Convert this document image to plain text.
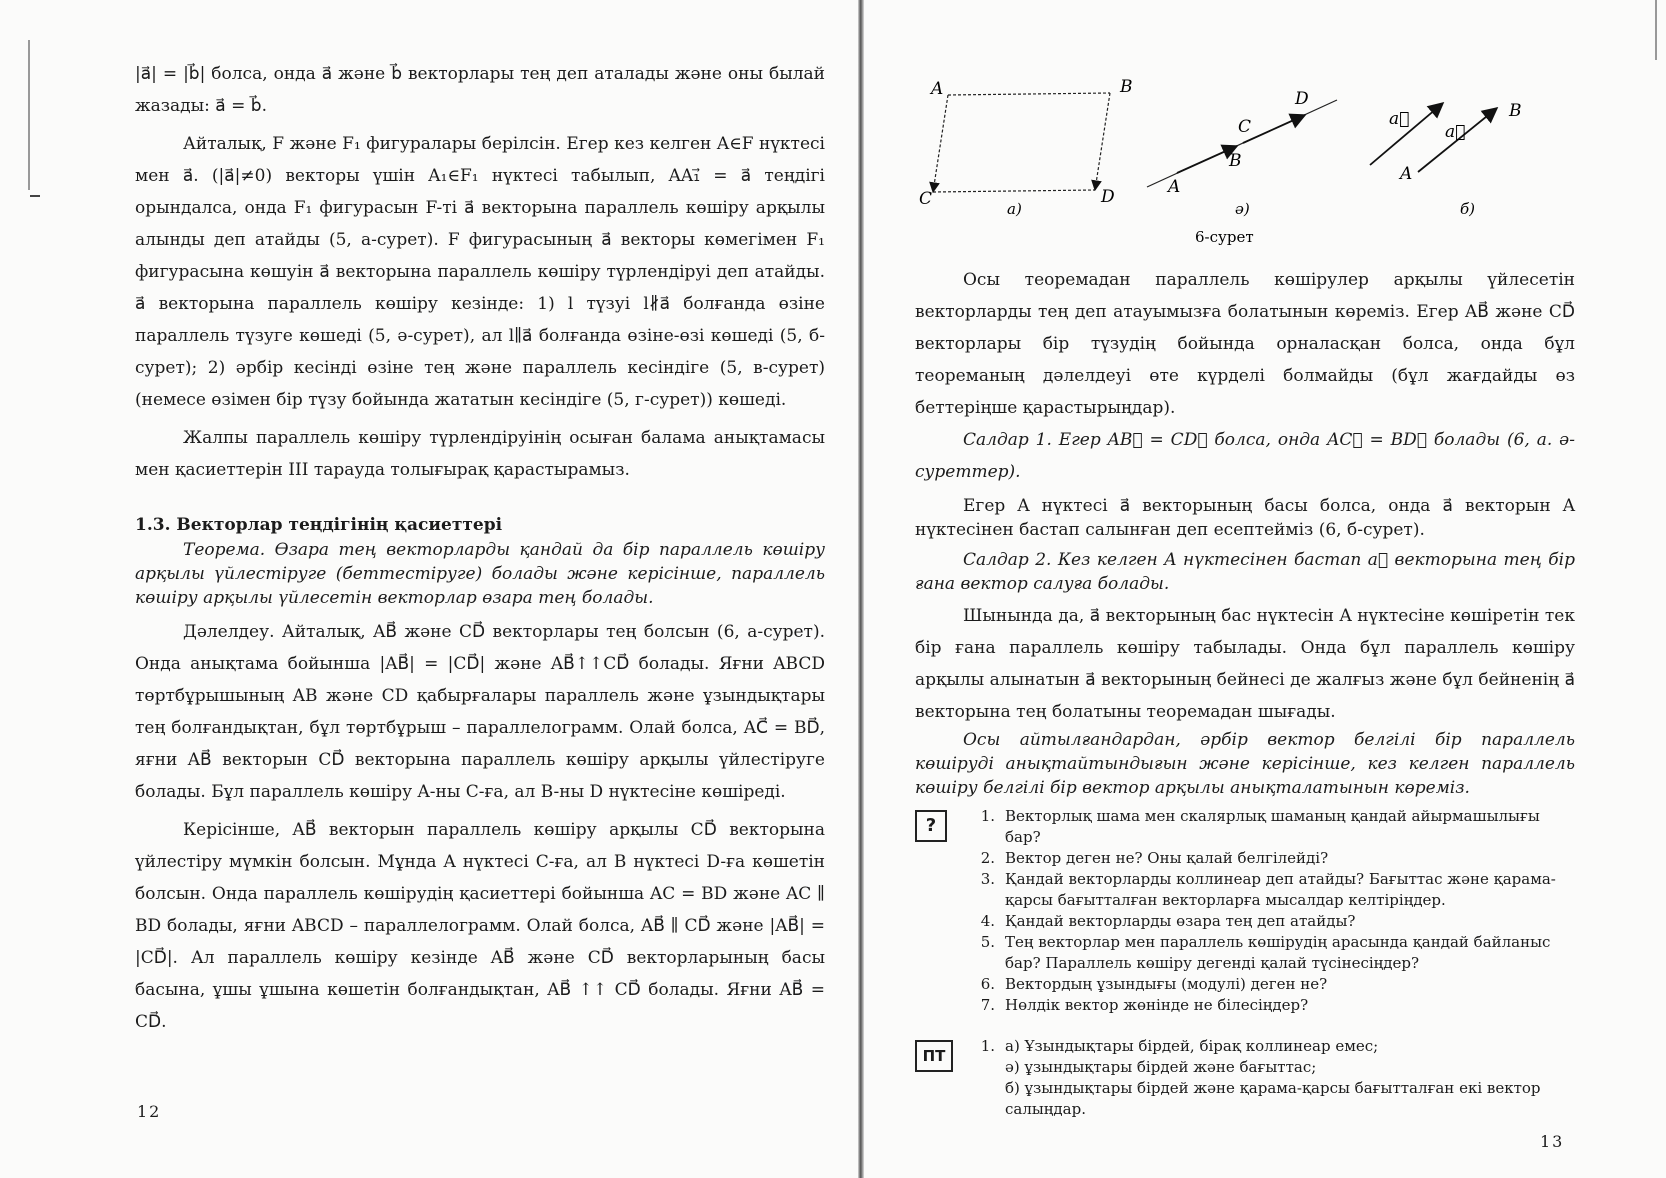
|a⃗| = |b⃗| болса, онда a⃗ және b⃗ векторлары тең деп аталады және оны былай жазады: a⃗ = b⃗.

Айталық, F және F₁ фигуралары берілсін. Егер кез келген A∈F нүктесі мен a⃗. (|a⃗|≠0) векторы үшін A₁∈F₁ нүктесі табылып, AA₁⃗ = a⃗ теңдігі орындалса, онда F₁ фигурасын F-ті a⃗ векторына параллель көшіру арқылы алынды деп атайды (5, а-сурет). F фигурасының a⃗ векторы көмегімен F₁ фигурасына көшуін a⃗ векторына параллель көшіру түрлендіруі деп атайды. a⃗ векторына параллель көшіру кезінде: 1) l түзуі l∦a⃗ болғанда өзіне параллель түзуге көшеді (5, ә-сурет), ал l∥a⃗ болғанда өзіне-өзі көшеді (5, б-сурет); 2) әрбір кесінді өзіне тең және параллель кесіндіге (5, в-сурет) (немесе өзімен бір түзу бойында жататын кесіндіге (5, г-сурет)) көшеді.

Жалпы параллель көшіру түрлендіруінің осыған балама анықтамасы мен қасиеттерін III тарауда толығырақ қарастырамыз.

1.3. Векторлар теңдігінің қасиеттері

Теорема. Өзара тең векторларды қандай да бір параллель көшіру арқылы үйлестіруге (беттестіруге) болады және керісінше, параллель көшіру арқылы үйлесетін векторлар өзара тең болады.

Дәлелдеу. Айталық, AB⃗ және CD⃗ векторлары тең болсын (6, а-сурет). Онда анықтама бойынша |AB⃗| = |CD⃗| және AB⃗↑↑CD⃗ болады. Яғни ABCD төртбұрышының AB және CD қабырғалары параллель және ұзындықтары тең болғандықтан, бұл төртбұрыш – параллелограмм. Олай болса, AC⃗ = BD⃗, яғни AB⃗ векторын CD⃗ векторына параллель көшіру арқылы үйлестіруге болады. Бұл параллель көшіру A-ны C-ға, ал B-ны D нүктесіне көшіреді.

Керісінше, AB⃗ векторын параллель көшіру арқылы CD⃗ векторына үйлестіру мүмкін болсын. Мұнда A нүктесі C-ға, ал B нүктесі D-ға көшетін болсын. Онда параллель көшірудің қасиеттері бойынша AC = BD және AC ∥ BD болады, яғни ABCD – параллелограмм. Олай болса, AB⃗ ∥ CD⃗ және |AB⃗| = |CD⃗|. Ал параллель көшіру кезінде AB⃗ және CD⃗ векторларының басы басына, ұшы ұшына көшетін болғандықтан, AB⃗ ↑↑ CD⃗ болады. Яғни AB⃗ = CD⃗.

12
A	B
C	D
а)
A
B
C
D
ә)
a⃗
a⃗
A
B
б)
6-сурет

Осы теоремадан параллель көшірулер арқылы үйлесетін векторларды тең деп атауымызға болатынын көреміз. Егер AB⃗ және CD⃗ векторлары бір түзудің бойында орналасқан болса, онда бұл теореманың дәлелдеуі өте күрделі болмайды (бұл жағдайды өз беттеріңше қарастырыңдар).

Салдар 1. Егер AB⃗ = CD⃗ болса, онда AC⃗ = BD⃗ болады (6, а. ә-суреттер).

Егер A нүктесі a⃗ векторының басы болса, онда a⃗ векторын A нүктесінен бастап салынған деп есептейміз (6, б-сурет).

Салдар 2. Кез келген A нүктесінен бастап a⃗ векторына тең бір ғана вектор салуға болады.

Шынында да, a⃗ векторының бас нүктесін A нүктесіне көшіретін тек бір ғана параллель көшіру табылады. Онда бұл параллель көшіру арқылы алынатын a⃗ векторының бейнесі де жалғыз және бұл бейненің a⃗ векторына тең болатыны теоремадан шығады.

Осы айтылғандардан, әрбір вектор белгілі бір параллель көшіруді анықтайтындығын және керісінше, кез келген параллель көшіру белгілі бір вектор арқылы анықталатынын көреміз.

?	1. Векторлық шама мен скалярлық шаманың қандай айырмашылығы бар?
2. Вектор деген не? Оны қалай белгілейді?
3. Қандай векторларды коллинеар деп атайды? Бағыттас және қарама-қарсы бағытталған векторларға мысалдар келтіріңдер.
4. Қандай векторларды өзара тең деп атайды?
5. Тең векторлар мен параллель көшірудің арасында қандай байланыс бар? Параллель көшіру дегенді қалай түсінесіңдер?
6. Вектордың ұзындығы (модулі) деген не?
7. Нөлдік вектор жөнінде не білесіңдер?
ПТ
1. а) Ұзындықтары бірдей, бірақ коллинеар емес;
ә) ұзындықтары бірдей және бағыттас;
б) ұзындықтары бірдей және қарама-қарсы бағытталған екі вектор салыңдар.
13
